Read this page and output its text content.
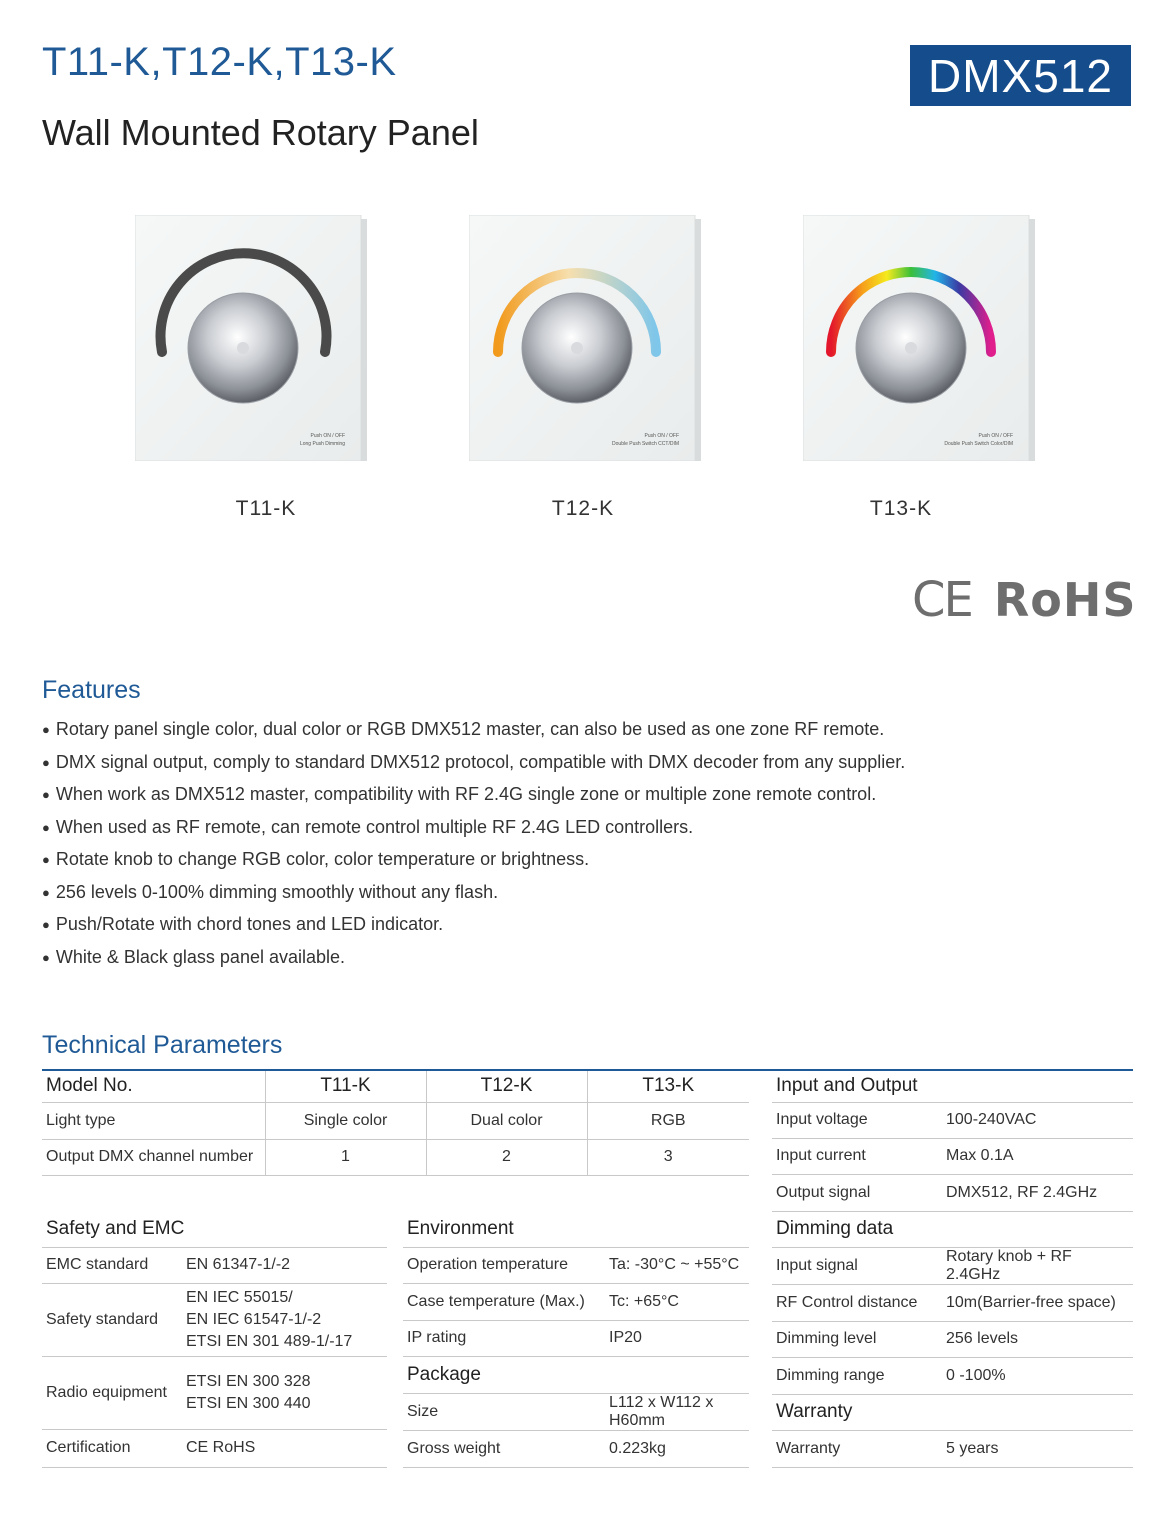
T11-K,T12-K,T13-K
Wall Mounted Rotary Panel
DMX512
Push ON / OFF
Long Push Dimming
Push ON / OFF
Double Push Switch CCT/DIM
Push ON / OFF
Double Push Switch Color/DIM
T11-K	T12-K	T13-K
CE RoHS
Features
● Rotary panel single color, dual color or RGB DMX512 master, can also be used as one zone RF remote.
● DMX signal output, comply to standard DMX512 protocol, compatible with DMX decoder from any supplier.
● When work as DMX512 master, compatibility with RF 2.4G single zone or multiple zone remote control.
● When used as RF remote, can remote control multiple RF 2.4G LED controllers.
● Rotate knob to change RGB color, color temperature or brightness.
● 256 levels 0-100% dimming smoothly without any flash.
● Push/Rotate with chord tones and LED indicator.
● White & Black glass panel available.
Technical Parameters
Model No.	T11-K	T12-K	T13-K
Light type	Single color	Dual color	RGB
Output DMX channel number	1	2	3
Safety and EMC	
EMC standard	EN 61347-1/-2
Safety standard	EN IEC 55015/
EN IEC 61547-1/-2
ETSI EN 301 489-1/-17

Radio equipment	ETSI EN 300 328
ETSI EN 300 440

Certification	CE RoHS
Environment	
Operation temperature	Ta: -30°C ~ +55°C
Case temperature (Max.)	Tc: +65°C
IP rating	IP20
Package	
Size	L112 x W112 x H60mm
Gross weight	0.223kg
Input and Output	
Input voltage	100-240VAC
Input current	Max 0.1A
Output signal	DMX512, RF 2.4GHz
Dimming data	
Input signal	Rotary knob + RF 2.4GHz
RF Control distance	10m(Barrier-free space)
Dimming level	256 levels
Dimming range	0 -100%
Warranty	
Warranty	5 years
